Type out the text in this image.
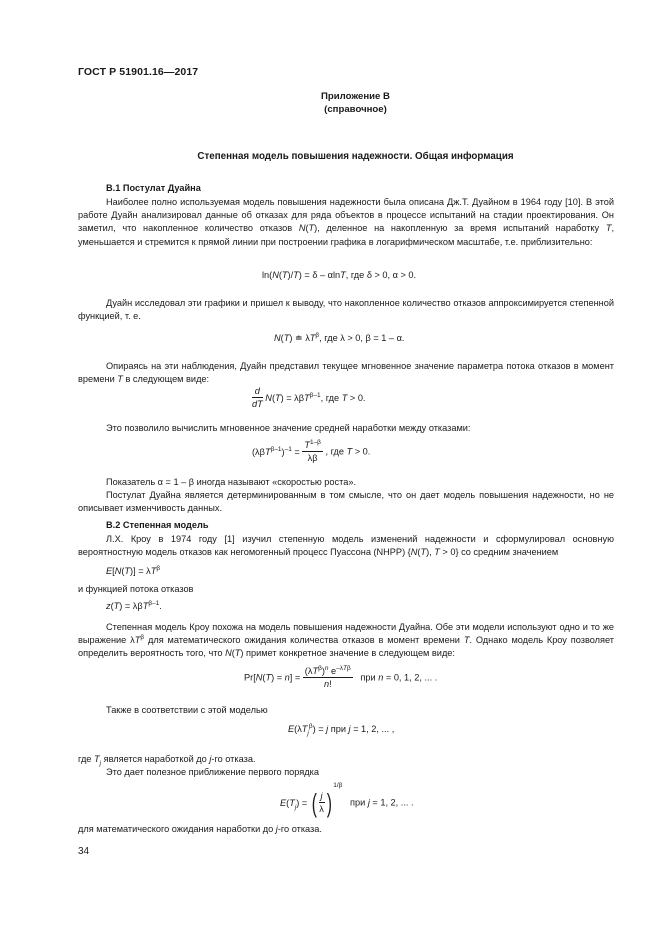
ГОСТ Р 51901.16—2017
Приложение В
(справочное)
Степенная модель повышения надежности. Общая информация
В.1 Постулат Дуайна

Наиболее полно используемая модель повышения надежности была описана Дж.Т. Дуайном в 1964 году [10]. В этой работе Дуайн анализировал данные об отказах для ряда объектов в процессе испытаний на стадии проектирования. Он заметил, что накопленное количество отказов N(T), деленное на накопленную за время испытаний наработку T, уменьшается и стремится к прямой линии при построении графика в логарифмическом масштабе, т.е. приблизительно:

ln(N(T)/T) = δ – αlnT, где δ > 0, α > 0.

Дуайн исследовал эти графики и пришел к выводу, что накопленное количество отказов аппроксимируется степенной функцией, т. е.

N(T) ≐ $\lambda T^\beta$, где λ > 0, β = 1 – α.

Опираясь на эти наблюдения, Дуайн представил текущее мгновенное значение параметра потока отказов в момент времени T в следующем виде:

$\frac{d}{dT} N(T) = \lambda\beta T^{\beta-1}$, где T > 0.

Это позволило вычислить мгновенное значение средней наработки между отказами:

$(\lambda\beta T^{\beta-1})^{-1} = \frac{T^{1-\beta}}{\lambda\beta}$ , где T > 0.

Показатель α = 1 – β иногда называют «скоростью роста».

Постулат Дуайна является детерминированным в том смысле, что он дает модель повышения надежности, но не описывает изменчивость данных.

В.2 Степенная модель

Л.Х. Кроу в 1974 году [1] изучил степенную модель изменений надежности и сформулировал основную вероятностную модель отказов как негомогенный процесс Пуассона (NHPP) {N(T), T > 0} со средним значением

$E[N(T)] = \lambda T^\beta$

и функцией потока отказов

z(T) = λβT$^{\beta-1}$.

Степенная модель Кроу похожа на модель повышения надежности Дуайна. Обе эти модели используют одно и то же выражение $\lambda T^\beta$ для математического ожидания количества отказов в момент времени T. Однако модель Кроу позволяет определить вероятность того, что N(T) примет конкретное значение в следующем виде:

$Pr[N(T) = n] = \frac{(\lambda T^\beta)^n e^{-\lambda T\beta}}{n!}$ при n = 0, 1, 2, ... .

Также в соответствии с этой моделью

$E(\lambda T_j^\beta) = j$ при j = 1, 2, ... ,

где $T_j$ является наработкой до j-го отказа.

Это дает полезное приближение первого порядка

$E(T_j)$ = ( $\frac{j}{\lambda} )^{1/\beta}$   при j = 1, 2, ... .

для математического ожидания наработки до j-го отказа.

34
